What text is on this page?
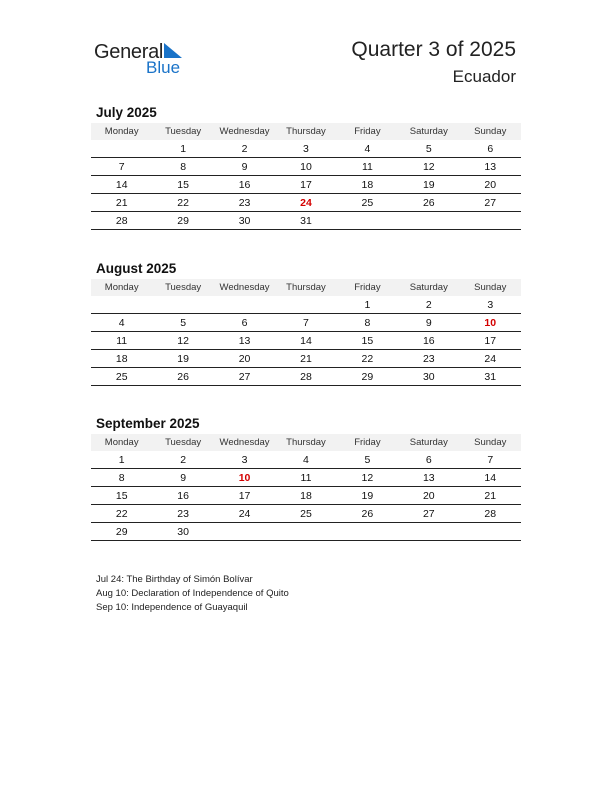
General
Blue
Quarter 3 of 2025
Ecuador
July 2025
Monday	Tuesday	Wednesday	Thursday	Friday	Saturday	Sunday
	1	2	3	4	5	6
7	8	9	10	11	12	13
14	15	16	17	18	19	20
21	22	23	24	25	26	27
28	29	30	31			
August 2025
Monday	Tuesday	Wednesday	Thursday	Friday	Saturday	Sunday
				1	2	3
4	5	6	7	8	9	10
11	12	13	14	15	16	17
18	19	20	21	22	23	24
25	26	27	28	29	30	31
September 2025
Monday	Tuesday	Wednesday	Thursday	Friday	Saturday	Sunday
1	2	3	4	5	6	7
8	9	10	11	12	13	14
15	16	17	18	19	20	21
22	23	24	25	26	27	28
29	30					
Jul 24: The Birthday of Simón Bolívar
Aug 10: Declaration of Independence of Quito
Sep 10: Independence of Guayaquil
